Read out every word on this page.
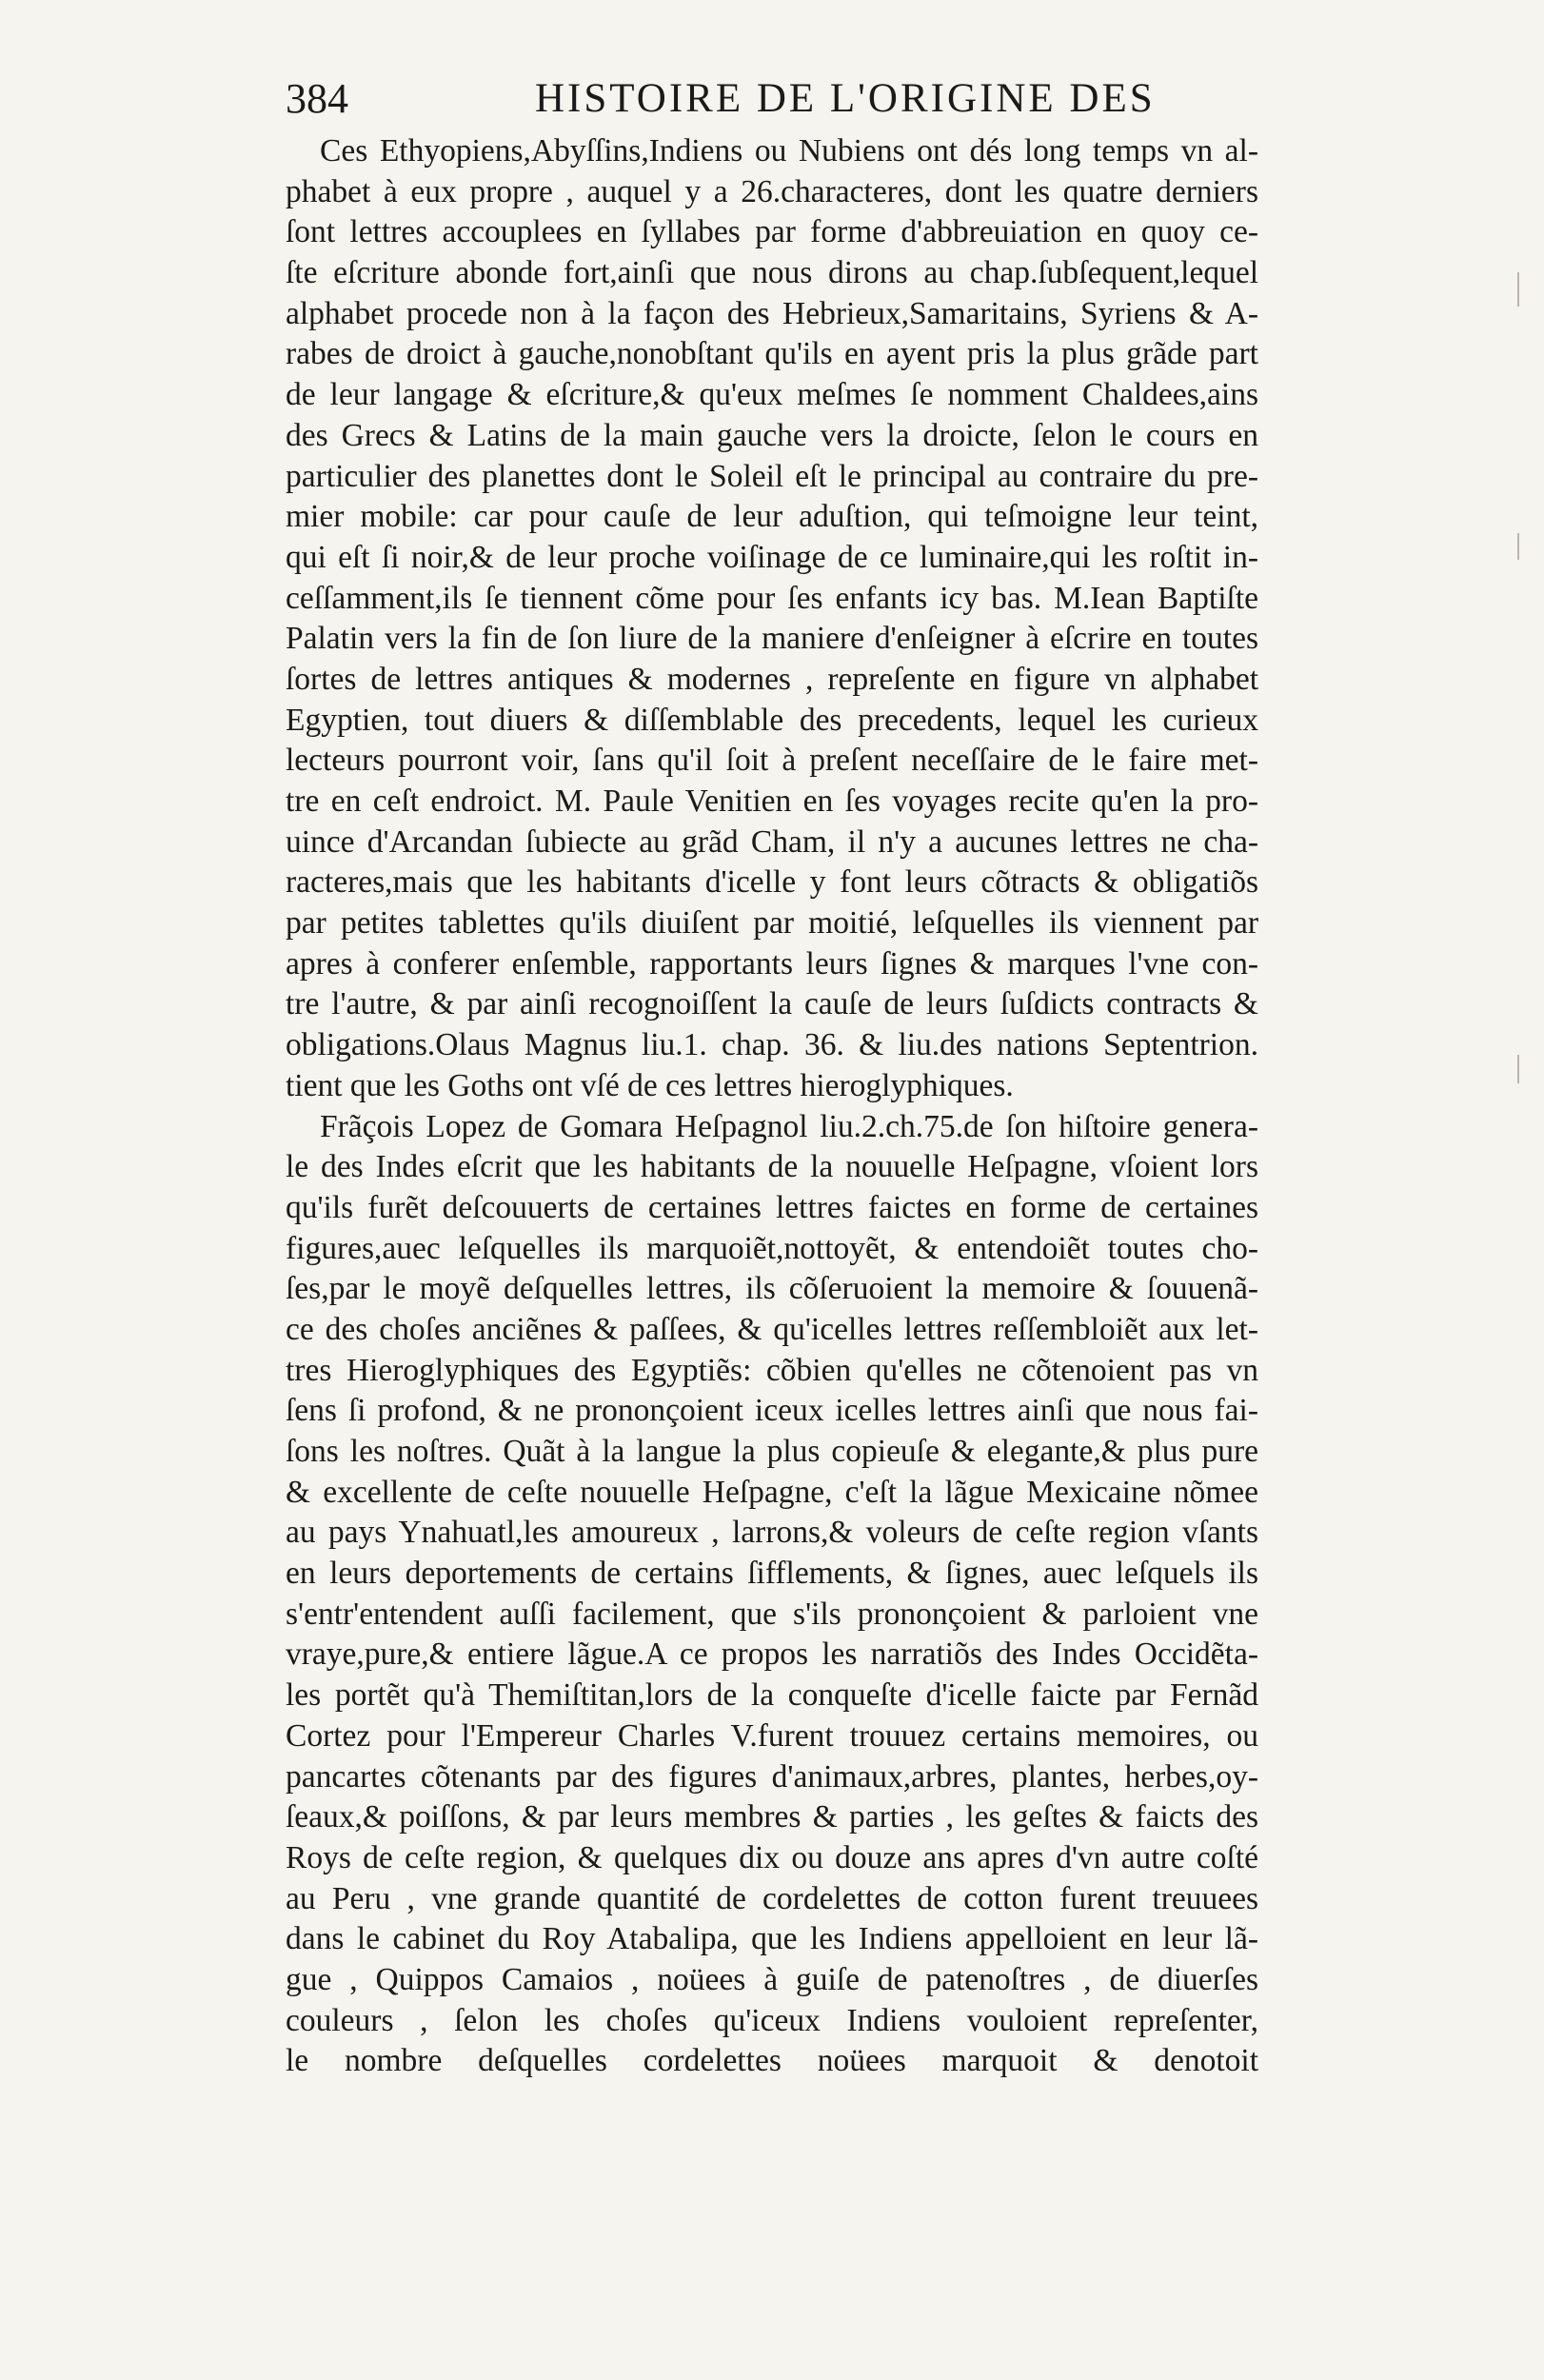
384	HISTOIRE DE L'ORIGINE DES
Ces Ethyopiens,Abyſſins,Indiens ou Nubiens ont dés long temps vn al-
phabet à eux propre , auquel y a 26.characteres, dont les quatre derniers
ſont lettres accouplees en ſyllabes par forme d'abbreuiation en quoy ce-
ſte eſcriture abonde fort,ainſi que nous dirons au chap.ſubſequent,lequel
alphabet procede non à la façon des Hebrieux,Samaritains, Syriens & A-
rabes de droict à gauche,nonobſtant qu'ils en ayent pris la plus grãde part
de leur langage & eſcriture,& qu'eux meſmes ſe nomment Chaldees,ains
des Grecs & Latins de la main gauche vers la droicte, ſelon le cours en
particulier des planettes dont le Soleil eſt le principal au contraire du pre-
mier mobile: car pour cauſe de leur aduſtion, qui teſmoigne leur teint,
qui eſt ſi noir,& de leur proche voiſinage de ce luminaire,qui les roſtit in-
ceſſamment,ils ſe tiennent cõme pour ſes enfants icy bas. M.Iean Baptiſte
Palatin vers la fin de ſon liure de la maniere d'enſeigner à eſcrire en toutes
ſortes de lettres antiques & modernes , repreſente en figure vn alphabet
Egyptien, tout diuers & diſſemblable des precedents, lequel les curieux
lecteurs pourront voir, ſans qu'il ſoit à preſent neceſſaire de le faire met-
tre en ceſt endroict. M. Paule Venitien en ſes voyages recite qu'en la pro-
uince d'Arcandan ſubiecte au grãd Cham, il n'y a aucunes lettres ne cha-
racteres,mais que les habitants d'icelle y font leurs cõtracts & obligatiõs
par petites tablettes qu'ils diuiſent par moitié, leſquelles ils viennent par
apres à conferer enſemble, rapportants leurs ſignes & marques l'vne con-
tre l'autre, & par ainſi recognoiſſent la cauſe de leurs ſuſdicts contracts &
obligations.Olaus Magnus liu.1. chap. 36. & liu.des nations Septentrion.
tient que les Goths ont vſé de ces lettres hieroglyphiques.
Frãçois Lopez de Gomara Heſpagnol liu.2.ch.75.de ſon hiſtoire genera-
le des Indes eſcrit que les habitants de la nouuelle Heſpagne, vſoient lors
qu'ils furẽt deſcouuerts de certaines lettres faictes en forme de certaines
figures,auec leſquelles ils marquoiẽt,nottoyẽt, & entendoiẽt toutes cho-
ſes,par le moyẽ deſquelles lettres, ils cõſeruoient la memoire & ſouuenã-
ce des choſes anciẽnes & paſſees, & qu'icelles lettres reſſembloiẽt aux let-
tres Hieroglyphiques des Egyptiẽs: cõbien qu'elles ne cõtenoient pas vn
ſens ſi profond, & ne prononçoient iceux icelles lettres ainſi que nous fai-
ſons les noſtres. Quãt à la langue la plus copieuſe & elegante,& plus pure
& excellente de ceſte nouuelle Heſpagne, c'eſt la lãgue Mexicaine nõmee
au pays Ynahuatl,les amoureux , larrons,& voleurs de ceſte region vſants
en leurs deportements de certains ſifflements, & ſignes, auec leſquels ils
s'entr'entendent auſſi facilement, que s'ils prononçoient & parloient vne
vraye,pure,& entiere lãgue.A ce propos les narratiõs des Indes Occidẽta-
les portẽt qu'à Themiſtitan,lors de la conqueſte d'icelle faicte par Fernãd
Cortez pour l'Empereur Charles V.furent trouuez certains memoires, ou
pancartes cõtenants par des figures d'animaux,arbres, plantes, herbes,oy-
ſeaux,& poiſſons, & par leurs membres & parties , les geſtes & faicts des
Roys de ceſte region, & quelques dix ou douze ans apres d'vn autre coſté
au Peru , vne grande quantité de cordelettes de cotton furent treuuees
dans le cabinet du Roy Atabalipa, que les Indiens appelloient en leur lã-
gue , Quippos Camaios , noüees à guiſe de patenoſtres , de diuerſes
couleurs , ſelon les choſes qu'iceux Indiens vouloient repreſenter,
le nombre deſquelles cordelettes noüees marquoit & denotoit
